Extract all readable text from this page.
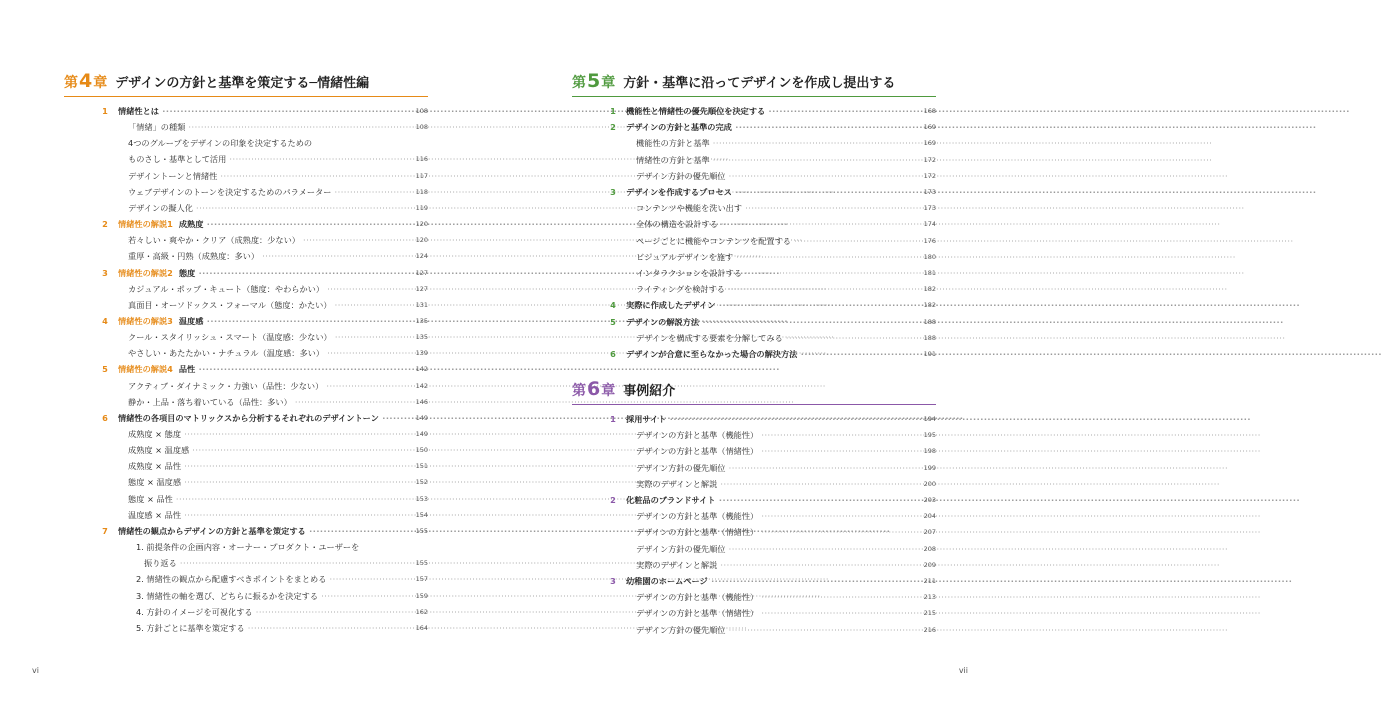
第4章 デザインの方針と基準を策定する─情緒性編
1 情緒性とは ·····	108
「情緒」の種類 ·····	108
4つのグループをデザインの印象を決定するための
ものさし・基準として活用 ·····	116
デザイントーンと情緒性 ·····	117
ウェブデザインのトーンを決定するためのパラメーター ·····	118
デザインの擬人化 ·····	119
2 情緒性の解説1 成熟度 ·····	120
若々しい・爽やか・クリア（成熟度：少ない） ·····	120
重厚・高級・円熟（成熟度：多い） ·····	124
3 情緒性の解説2 態度 ·····	127
カジュアル・ポップ・キュート（態度：やわらかい） ·····	127
真面目・オーソドックス・フォーマル（態度：かたい） ·····	131
4 情緒性の解説3 温度感 ·····	135
クール・スタイリッシュ・スマート（温度感：少ない） ·····	135
やさしい・あたたかい・ナチュラル（温度感：多い） ·····	139
5 情緒性の解説4 品性 ·····	142
アクティブ・ダイナミック・力強い（品性：少ない） ·····	142
静か・上品・落ち着いている（品性：多い） ·····	146
6 情緒性の各項目のマトリックスから分析するそれぞれのデザイントーン ·····	149
成熟度 × 態度 ·····	149
成熟度 × 温度感 ·····	150
成熟度 × 品性 ·····	151
態度 × 温度感 ·····	152
態度 × 品性 ·····	153
温度感 × 品性 ·····	154
7 情緒性の観点からデザインの方針と基準を策定する ·····	155
1. 前提条件の企画内容・オーナー・プロダクト・ユーザーを
振り返る ·····	155
2. 情緒性の観点から配慮すべきポイントをまとめる ·····	157
3. 情緒性の軸を選び、どちらに振るかを決定する ·····	159
4. 方針のイメージを可視化する ·····	162
5. 方針ごとに基準を策定する ·····	164
第5章 方針・基準に沿ってデザインを作成し提出する
1 機能性と情緒性の優先順位を決定する ·····	168
2 デザインの方針と基準の完成 ·····	169
機能性の方針と基準 ·····	169
情緒性の方針と基準 ·····	172
デザイン方針の優先順位 ·····	172
3 デザインを作成するプロセス ·····	173
コンテンツや機能を洗い出す ·····	173
全体の構造を設計する ·····	174
ページごとに機能やコンテンツを配置する ·····	176
ビジュアルデザインを施す ·····	180
インタラクションを設計する ·····	181
ライティングを検討する ·····	182
4 実際に作成したデザイン ·····	182
5 デザインの解説方法 ·····	188
デザインを構成する要素を分解してみる ·····	188
6 デザインが合意に至らなかった場合の解決方法 ·····	191
第6章 事例紹介
1 採用サイト ·····	194
デザインの方針と基準（機能性） ·····	195
デザインの方針と基準（情緒性） ·····	198
デザイン方針の優先順位 ·····	199
実際のデザインと解説 ·····	200
2 化粧品のブランドサイト ·····	203
デザインの方針と基準（機能性） ·····	204
デザインの方針と基準（情緒性） ·····	207
デザイン方針の優先順位 ·····	208
実際のデザインと解説 ·····	209
3 幼稚園のホームページ ·····	211
デザインの方針と基準（機能性） ·····	213
デザインの方針と基準（情緒性） ·····	215
デザイン方針の優先順位 ·····	216
vi	vii
